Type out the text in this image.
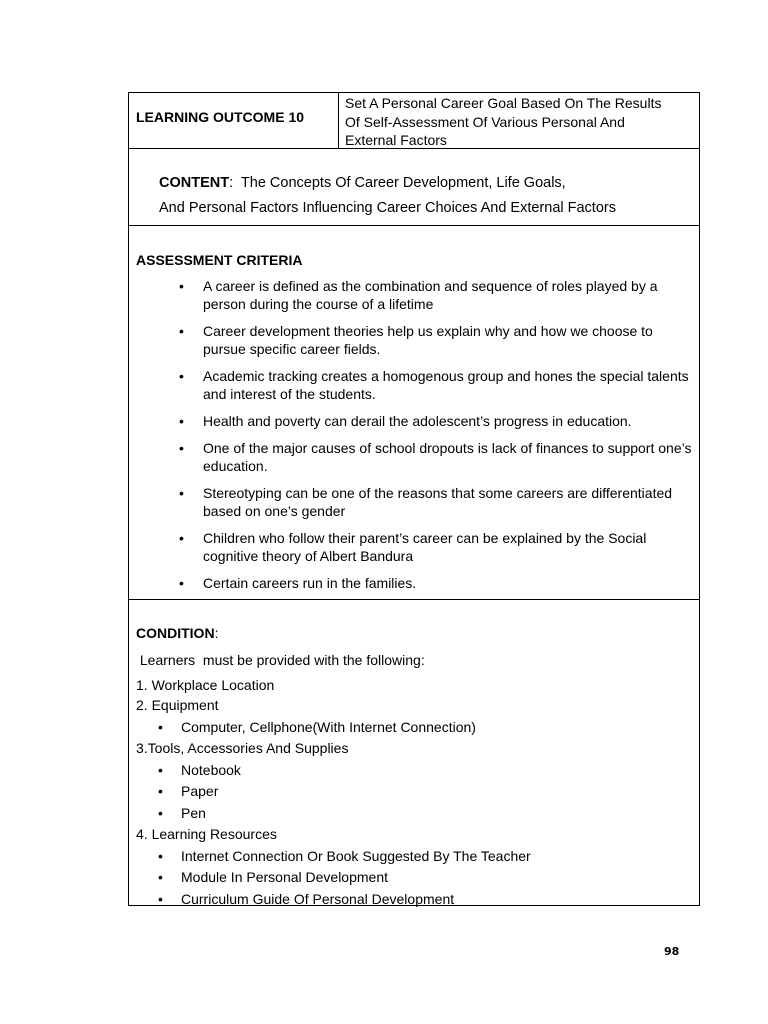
LEARNING OUTCOME 10
Set A Personal Career Goal Based On The Results
Of Self-Assessment Of Various Personal And
External Factors
CONTENT:  The Concepts Of Career Development, Life Goals,
And Personal Factors Influencing Career Choices And External Factors
ASSESSMENT CRITERIA
• A career is defined as the combination and sequence of roles played by a person during the course of a lifetime
• Career development theories help us explain why and how we choose to pursue specific career fields.
• Academic tracking creates a homogenous group and hones the special talents and interest of the students.
• Health and poverty can derail the adolescent’s progress in education.
• One of the major causes of school dropouts is lack of finances to support one’s education.
• Stereotyping can be one of the reasons that some careers are differentiated based on one’s gender
• Children who follow their parent’s career can be explained by the Social cognitive theory of Albert Bandura
• Certain careers run in the families.
CONDITION:
Learners  must be provided with the following:
1. Workplace Location
2. Equipment
• Computer, Cellphone(With Internet Connection)
3.Tools, Accessories And Supplies
• Notebook
• Paper
• Pen
4. Learning Resources
• Internet Connection Or Book Suggested By The Teacher
• Module In Personal Development
• Curriculum Guide Of Personal Development
98
